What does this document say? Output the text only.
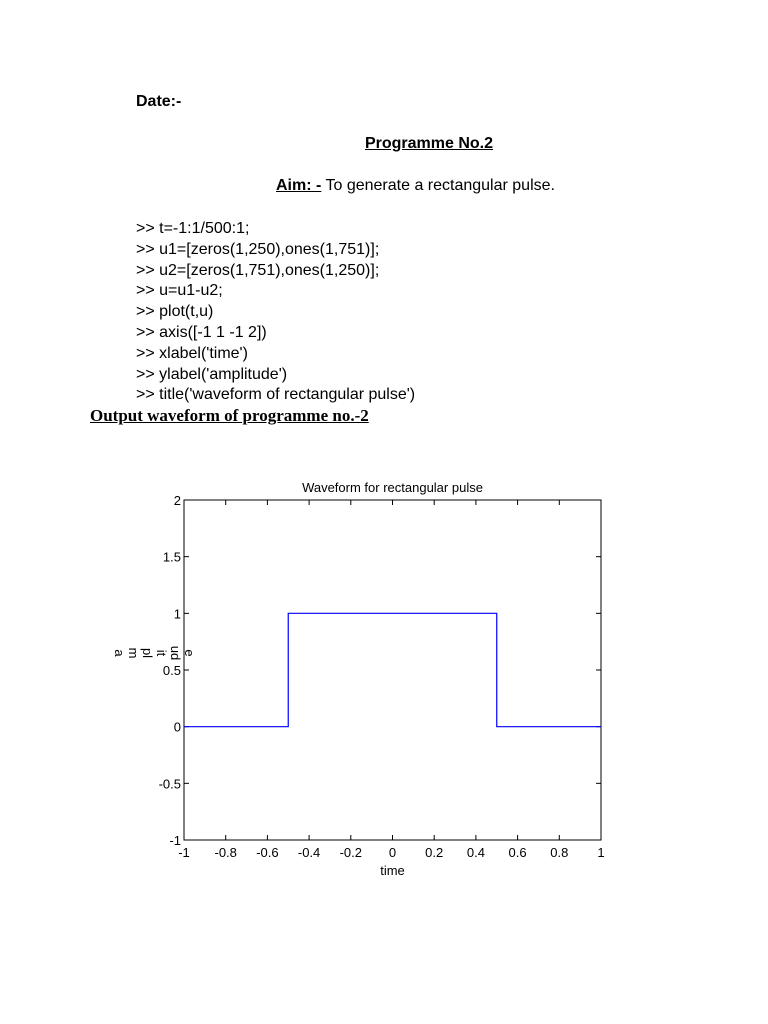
Date:-
Programme No.2
Aim: - To generate a rectangular pulse.
>> t=-1:1/500:1;
>> u1=[zeros(1,250),ones(1,751)];
>> u2=[zeros(1,751),ones(1,250)];
>> u=u1-u2;
>> plot(t,u)
>> axis([-1 1 -1 2])
>> xlabel('time')
>> ylabel('amplitude')
>> title('waveform of rectangular pulse')
Output waveform of programme no.-2
Waveform for rectangular pulse
time
a m pl it ud e
-1 -0.8 -0.6 -0.4 -0.2 0 0.2 0.4 0.6 0.8 1
-1
-0.5
0
0.5
1
1.5
2
